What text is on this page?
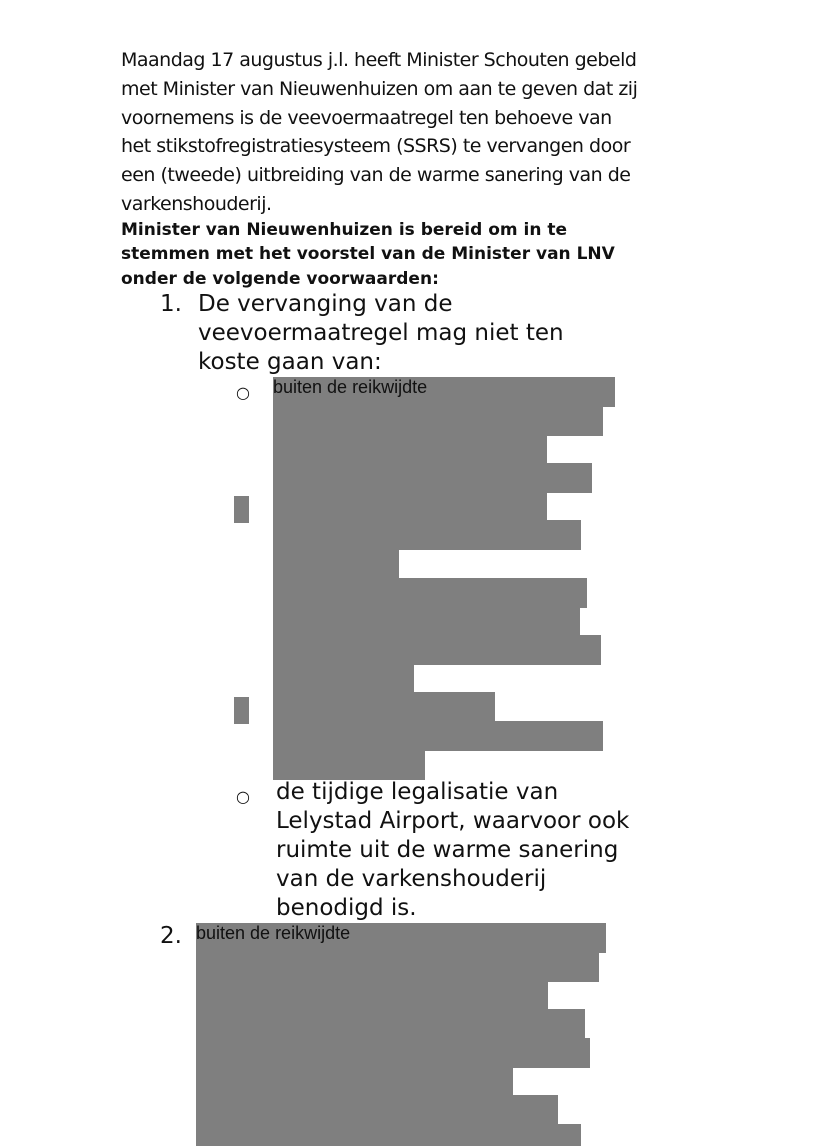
Maandag 17 augustus j.l. heeft Minister Schouten gebeld met Minister van Nieuwenhuizen om aan te geven dat zij voornemens is de veevoermaatregel ten behoeve van het stikstofregistratiesysteem (SSRS) te vervangen door een (tweede) uitbreiding van de warme sanering van de varkenshouderij.
Minister van Nieuwenhuizen is bereid om in te stemmen met het voorstel van de Minister van LNV onder de volgende voorwaarden:
1. De vervanging van de veevoermaatregel mag niet ten koste gaan van:
○ buiten de reikwijdte
○ de tijdige legalisatie van Lelystad Airport, waarvoor ook ruimte uit de warme sanering van de varkenshouderij benodigd is.
2. buiten de reikwijdte
